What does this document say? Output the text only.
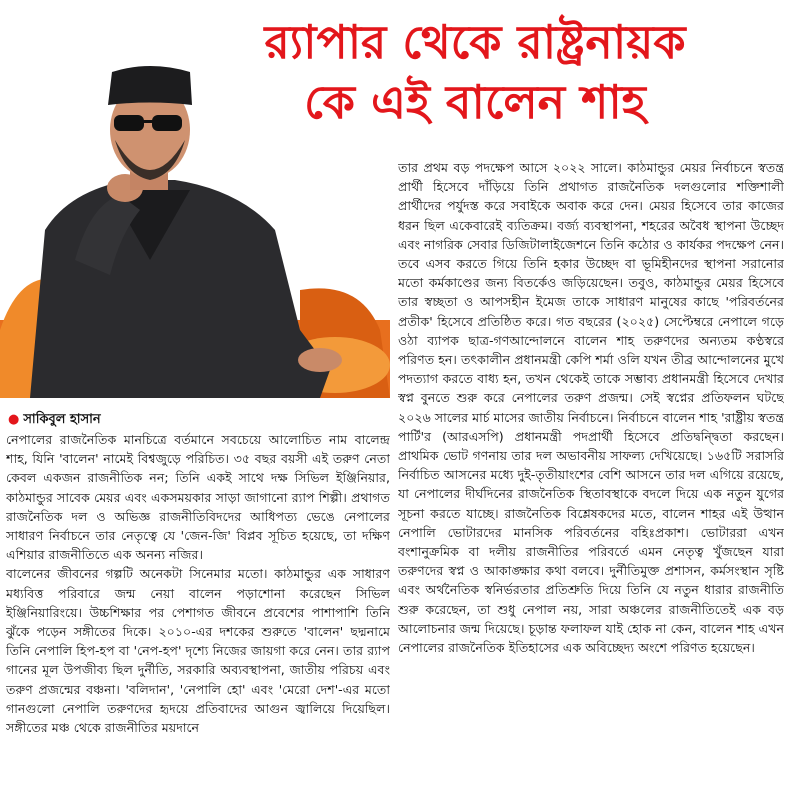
র‍্যাপার থেকে রাষ্ট্রনায়ক
কে এই বালেন শাহ
● সাকিবুল হাসান

নেপালের রাজনৈতিক মানচিত্রে বর্তমানে সবচেয়ে আলোচিত নাম বালেন্দ্র শাহ, যিনি 'বালেন' নামেই বিশ্বজুড়ে পরিচিত। ৩৫ বছর বয়সী এই তরুণ নেতা কেবল একজন রাজনীতিক নন; তিনি একই সাথে দক্ষ সিভিল ইঞ্জিনিয়ার, কাঠমান্ডুর সাবেক মেয়র এবং একসময়কার সাড়া জাগানো র‍্যাপ শিল্পী। প্রথাগত রাজনৈতিক দল ও অভিজ্ঞ রাজনীতিবিদদের আধিপত্য ভেঙে নেপালের সাধারণ নির্বাচনে তার নেতৃত্বে যে 'জেন-জি' বিপ্লব সূচিত হয়েছে, তা দক্ষিণ এশিয়ার রাজনীতিতে এক অনন্য নজির।

বালেনের জীবনের গল্পটি অনেকটা সিনেমার মতো। কাঠমান্ডুর এক সাধারণ মধ্যবিত্ত পরিবারে জন্ম নেয়া বালেন পড়াশোনা করেছেন সিভিল ইঞ্জিনিয়ারিংয়ে। উচ্চশিক্ষার পর পেশাগত জীবনে প্রবেশের পাশাপাশি তিনি ঝুঁকে পড়েন সঙ্গীতের দিকে। ২০১০-এর দশকের শুরুতে 'বালেন' ছদ্মনামে তিনি নেপালি হিপ-হপ বা 'নেপ-হপ' দৃশ্যে নিজের জায়গা করে নেন। তার র‍্যাপ গানের মূল উপজীব্য ছিল দুর্নীতি, সরকারি অব্যবস্থাপনা, জাতীয় পরিচয় এবং তরুণ প্রজন্মের বঞ্চনা। 'বলিদান', 'নেপালি হো' এবং 'মেরো দেশ'-এর মতো গানগুলো নেপালি তরুণদের হৃদয়ে প্রতিবাদের আগুন জ্বালিয়ে দিয়েছিল। সঙ্গীতের মঞ্চ থেকে রাজনীতির ময়দানে

তার প্রথম বড় পদক্ষেপ আসে ২০২২ সালে। কাঠমান্ডুর মেয়র নির্বাচনে স্বতন্ত্র প্রার্থী হিসেবে দাঁড়িয়ে তিনি প্রথাগত রাজনৈতিক দলগুলোর শক্তিশালী প্রার্থীদের পর্যুদস্ত করে সবাইকে অবাক করে দেন। মেয়র হিসেবে তার কাজের ধরন ছিল একেবারেই ব্যতিক্রম। বর্জ্য ব্যবস্থাপনা, শহরের অবৈধ স্থাপনা উচ্ছেদ এবং নাগরিক সেবার ডিজিটালাইজেশনে তিনি কঠোর ও কার্যকর পদক্ষেপ নেন। তবে এসব করতে গিয়ে তিনি হকার উচ্ছেদ বা ভূমিহীনদের স্থাপনা সরানোর মতো কর্মকাণ্ডের জন্য বিতর্কেও জড়িয়েছেন। তবুও, কাঠমান্ডুর মেয়র হিসেবে তার স্বচ্ছতা ও আপসহীন ইমেজ তাকে সাধারণ মানুষের কাছে 'পরিবর্তনের প্রতীক' হিসেবে প্রতিষ্ঠিত করে। গত বছরের (২০২৫) সেপ্টেম্বরে নেপালে গড়ে ওঠা ব্যাপক ছাত্র-গণআন্দোলনে বালেন শাহ তরুণদের অন্যতম কণ্ঠস্বরে পরিণত হন। তৎকালীন প্রধানমন্ত্রী কেপি শর্মা ওলি যখন তীব্র আন্দোলনের মুখে পদত্যাগ করতে বাধ্য হন, তখন থেকেই তাকে সম্ভাব্য প্রধানমন্ত্রী হিসেবে দেখার স্বপ্ন বুনতে শুরু করে নেপালের তরুণ প্রজন্ম। সেই স্বপ্নের প্রতিফলন ঘটছে ২০২৬ সালের মার্চ মাসের জাতীয় নির্বাচনে। নির্বাচনে বালেন শাহ 'রাষ্ট্রীয় স্বতন্ত্র পার্টি'র (আরএসপি) প্রধানমন্ত্রী পদপ্রার্থী হিসেবে প্রতিদ্বন্দ্বিতা করছেন। প্রাথমিক ভোট গণনায় তার দল অভাবনীয় সাফল্য দেখিয়েছে। ১৬৫টি সরাসরি নির্বাচিত আসনের মধ্যে দুই-তৃতীয়াংশের বেশি আসনে তার দল এগিয়ে রয়েছে, যা নেপালের দীর্ঘদিনের রাজনৈতিক স্থিতাবস্থাকে বদলে দিয়ে এক নতুন যুগের সূচনা করতে যাচ্ছে। রাজনৈতিক বিশ্লেষকদের মতে, বালেন শাহর এই উত্থান নেপালি ভোটারদের মানসিক পরিবর্তনের বহিঃপ্রকাশ। ভোটাররা এখন বংশানুক্রমিক বা দলীয় রাজনীতির পরিবর্তে এমন নেতৃত্ব খুঁজছেন যারা তরুণদের স্বপ্ন ও আকাঙ্ক্ষার কথা বলবে। দুর্নীতিমুক্ত প্রশাসন, কর্মসংস্থান সৃষ্টি এবং অর্থনৈতিক স্বনির্ভরতার প্রতিশ্রুতি দিয়ে তিনি যে নতুন ধারার রাজনীতি শুরু করেছেন, তা শুধু নেপাল নয়, সারা অঞ্চলের রাজনীতিতেই এক বড় আলোচনার জন্ম দিয়েছে। চূড়ান্ত ফলাফল যাই হোক না কেন, বালেন শাহ এখন নেপালের রাজনৈতিক ইতিহাসের এক অবিচ্ছেদ্য অংশে পরিণত হয়েছেন।
